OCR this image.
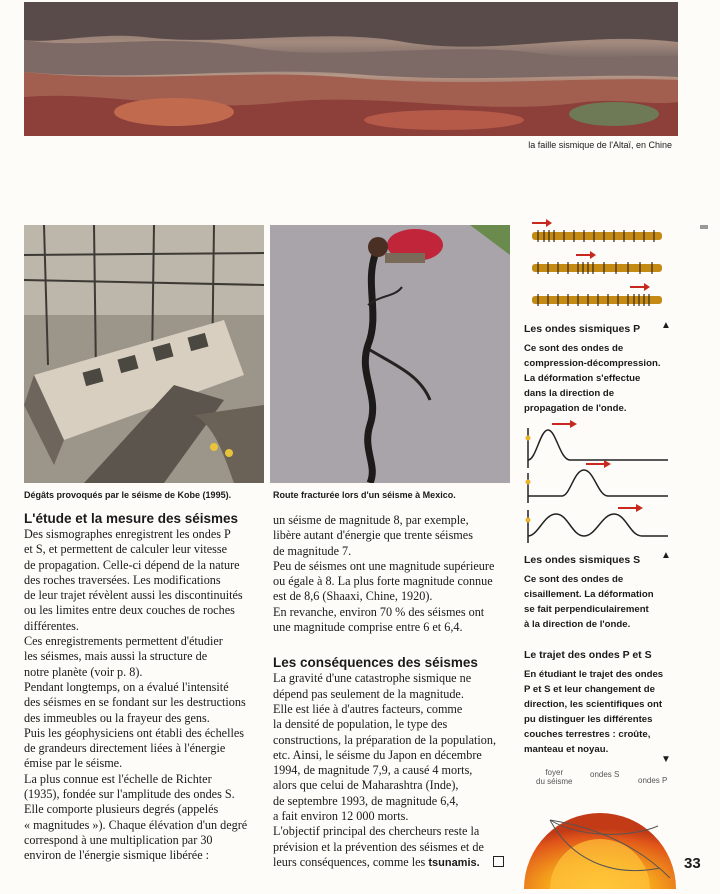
la faille sismique de l'Altaï, en Chine
Dégâts provoqués par le séisme de Kobe (1995).	Route fracturée lors d'un séisme à Mexico.
L'étude et la mesure des séismes

Des sismographes enregistrent les ondes P

et S, et permettent de calculer leur vitesse

de propagation. Celle-ci dépend de la nature

des roches traversées. Les modifications

de leur trajet révèlent aussi les discontinuités

ou les limites entre deux couches de roches

différentes.

Ces enregistrements permettent d'étudier

les séismes, mais aussi la structure de

notre planète (voir p. 8).

Pendant longtemps, on a évalué l'intensité

des séismes en se fondant sur les destructions

des immeubles ou la frayeur des gens.

Puis les géophysiciens ont établi des échelles

de grandeurs directement liées à l'énergie

émise par le séisme.

La plus connue est l'échelle de Richter

(1935), fondée sur l'amplitude des ondes S.

Elle comporte plusieurs degrés (appelés

« magnitudes »). Chaque élévation d'un degré

correspond à une multiplication par 30

environ de l'énergie sismique libérée :

un séisme de magnitude 8, par exemple,

libère autant d'énergie que trente séismes

de magnitude 7.

Peu de séismes ont une magnitude supérieure

ou égale à 8. La plus forte magnitude connue

est de 8,6 (Shaaxi, Chine, 1920).

En revanche, environ 70 % des séismes ont

une magnitude comprise entre 6 et 6,4.

Les conséquences des séismes

La gravité d'une catastrophe sismique ne

dépend pas seulement de la magnitude.

Elle est liée à d'autres facteurs, comme

la densité de population, le type des

constructions, la préparation de la population,

etc. Ainsi, le séisme du Japon en décembre

1994, de magnitude 7,9, a causé 4 morts,

alors que celui de Maharashtra (Inde),

de septembre 1993, de magnitude 6,4,

a fait environ 12 000 morts.

L'objectif principal des chercheurs reste la

prévision et la prévention des séismes et de

leurs conséquences, comme les tsunamis.

Les ondes sismiques P	▲
Ce sont des ondes de
compression-décompression.
La déformation s'effectue
dans la direction de
propagation de l'onde.
Les ondes sismiques S	▲
Ce sont des ondes de
cisaillement. La déformation
se fait perpendiculairement
à la direction de l'onde.
Le trajet des ondes P et S
En étudiant le trajet des ondes
P et S et leur changement de
direction, les scientifiques ont
pu distinguer les différentes
couches terrestres : croûte,
manteau et noyau.
▼
foyer
du séisme
ondes S
ondes P
33
